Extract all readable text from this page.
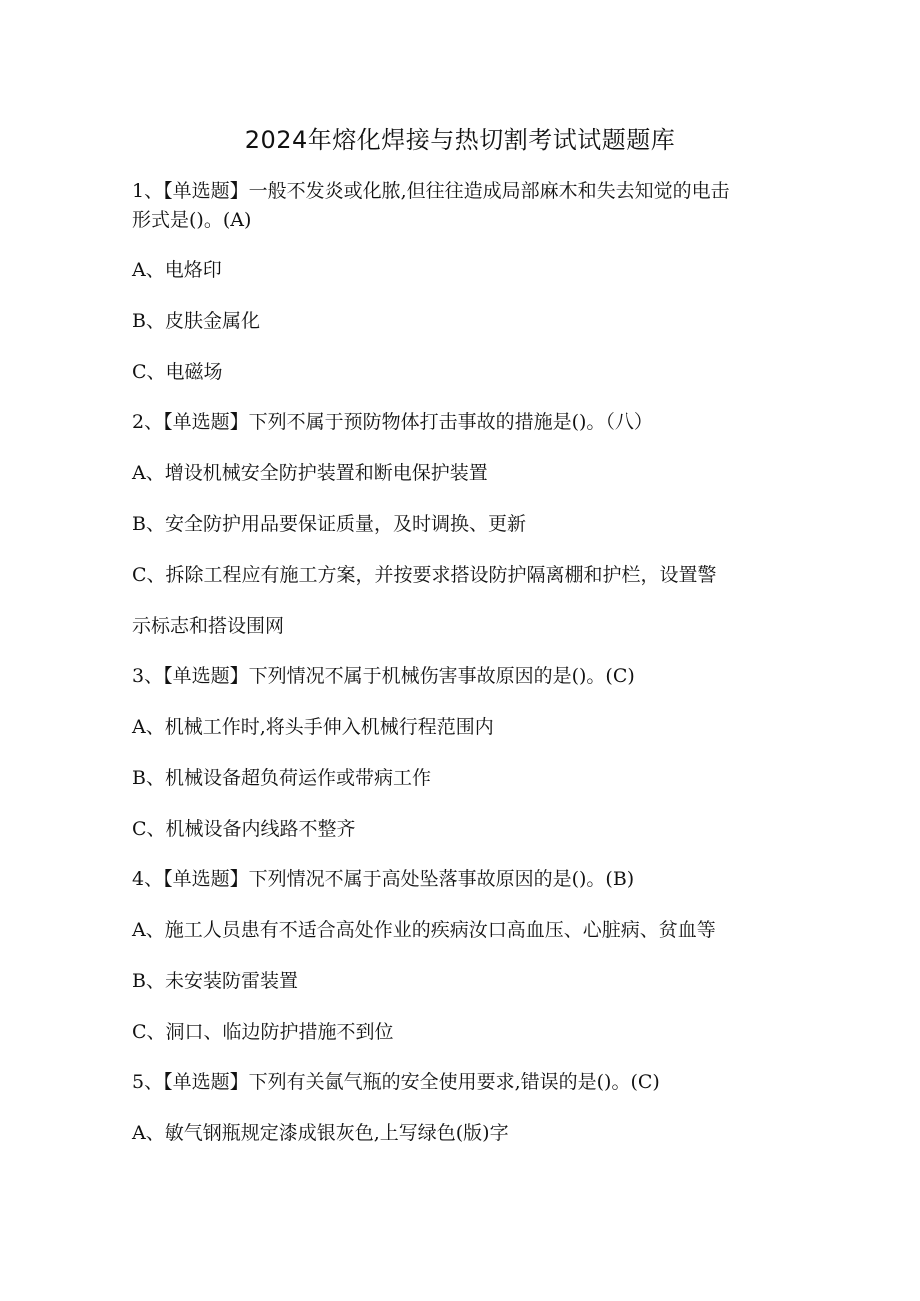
2024年熔化焊接与热切割考试试题题库
1、【单选题】一般不发炎或化脓,但往往造成局部麻木和失去知觉的电击
形式是()。(A)
A、电烙印
B、皮肤金属化
C、电磁场
2、【单选题】下列不属于预防物体打击事故的措施是()。（八）
A、增设机械安全防护装置和断电保护装置
B、安全防护用品要保证质量，及时调换、更新
C、拆除工程应有施工方案，并按要求搭设防护隔离棚和护栏，设置警
示标志和搭设围网
3、【单选题】下列情况不属于机械伤害事故原因的是()。(C)
A、机械工作时,将头手伸入机械行程范围内
B、机械设备超负荷运作或带病工作
C、机械设备内线路不整齐
4、【单选题】下列情况不属于高处坠落事故原因的是()。(B)
A、施工人员患有不适合高处作业的疾病汝口高血压、心脏病、贫血等
B、未安装防雷装置
C、洞口、临边防护措施不到位
5、【单选题】下列有关氤气瓶的安全使用要求,错误的是()。(C)
A、敏气钢瓶规定漆成银灰色,上写绿色(版)字
